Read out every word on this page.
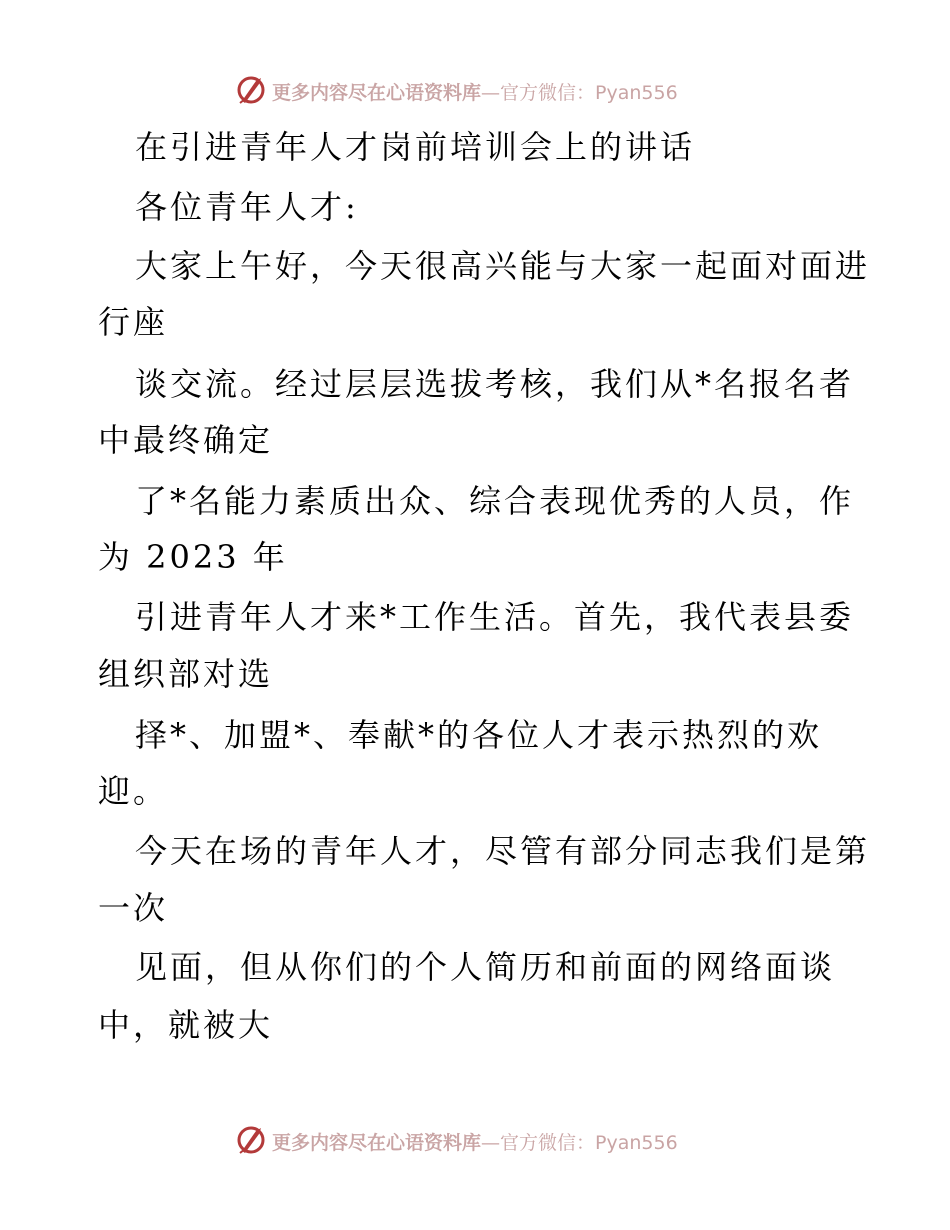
更多内容尽在心语资料库—官方微信：Pyan556
在引进青年人才岗前培训会上的讲话
各位青年人才:
大家上午好，今天很高兴能与大家一起面对面进
行座
谈交流。经过层层选拔考核，我们从*名报名者
中最终确定
了*名能力素质出众、综合表现优秀的人员，作
为 2023 年
引进青年人才来*工作生活。首先，我代表县委
组织部对选
择*、加盟*、奉献*的各位人才表示热烈的欢
迎。
今天在场的青年人才，尽管有部分同志我们是第
一次
见面，但从你们的个人简历和前面的网络面谈
中，就被大
更多内容尽在心语资料库—官方微信：Pyan556
